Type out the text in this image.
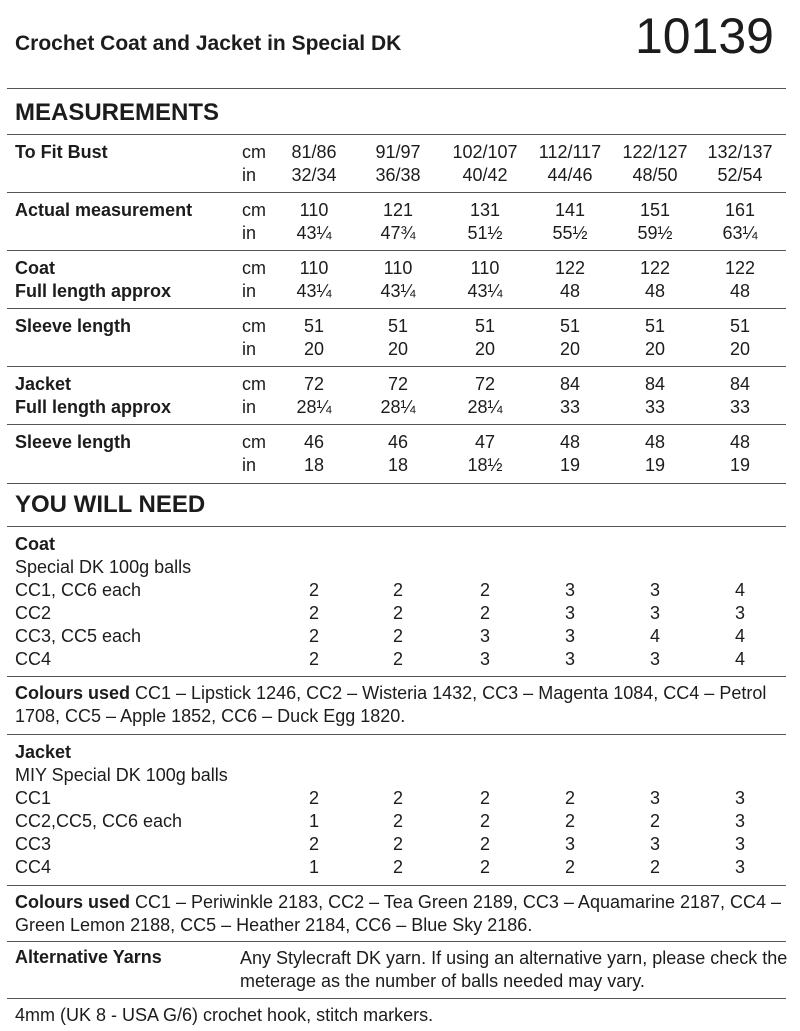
Crochet Coat and Jacket in Special DK	10139
MEASUREMENTS
To Fit Bust	cm	81/86	91/97	102/107	112/117	122/127	132/137
in	32/34	36/38	40/42	44/46	48/50	52/54
Actual measurement	cm	110	121	131	141	151	161
in	43¼	47¾	51½	55½	59½	63¼
Coat	cm	110	110	110	122	122	122
Full length approx	in	43¼	43¼	43¼	48	48	48
Sleeve length	cm	51	51	51	51	51	51
in	20	20	20	20	20	20
Jacket	cm	72	72	72	84	84	84
Full length approx	in	28¼	28¼	28¼	33	33	33
Sleeve length	cm	46	46	47	48	48	48
in	18	18	18½	19	19	19
YOU WILL NEED
Coat
Special DK 100g balls
CC1, CC6 each	2	2	2	3	3	4
CC2	2	2	2	3	3	3
CC3, CC5 each	2	2	3	3	4	4
CC4	2	2	3	3	3	4
Colours used CC1 – Lipstick 1246, CC2 – Wisteria 1432, CC3 – Magenta 1084, CC4 – Petrol 1708, CC5 – Apple 1852, CC6 – Duck Egg 1820.
Jacket
MIY Special DK 100g balls
CC1	2	2	2	2	3	3
CC2,CC5, CC6 each	1	2	2	2	2	3
CC3	2	2	2	3	3	3
CC4	1	2	2	2	2	3
Colours used CC1 – Periwinkle 2183, CC2 – Tea Green 2189, CC3 – Aquamarine 2187, CC4 – Green Lemon 2188, CC5 – Heather 2184, CC6 – Blue Sky 2186.
Alternative Yarns	Any Stylecraft DK yarn. If using an alternative yarn, please check the meterage as the number of balls needed may vary.
4mm (UK 8 - USA G/6) crochet hook, stitch markers.
